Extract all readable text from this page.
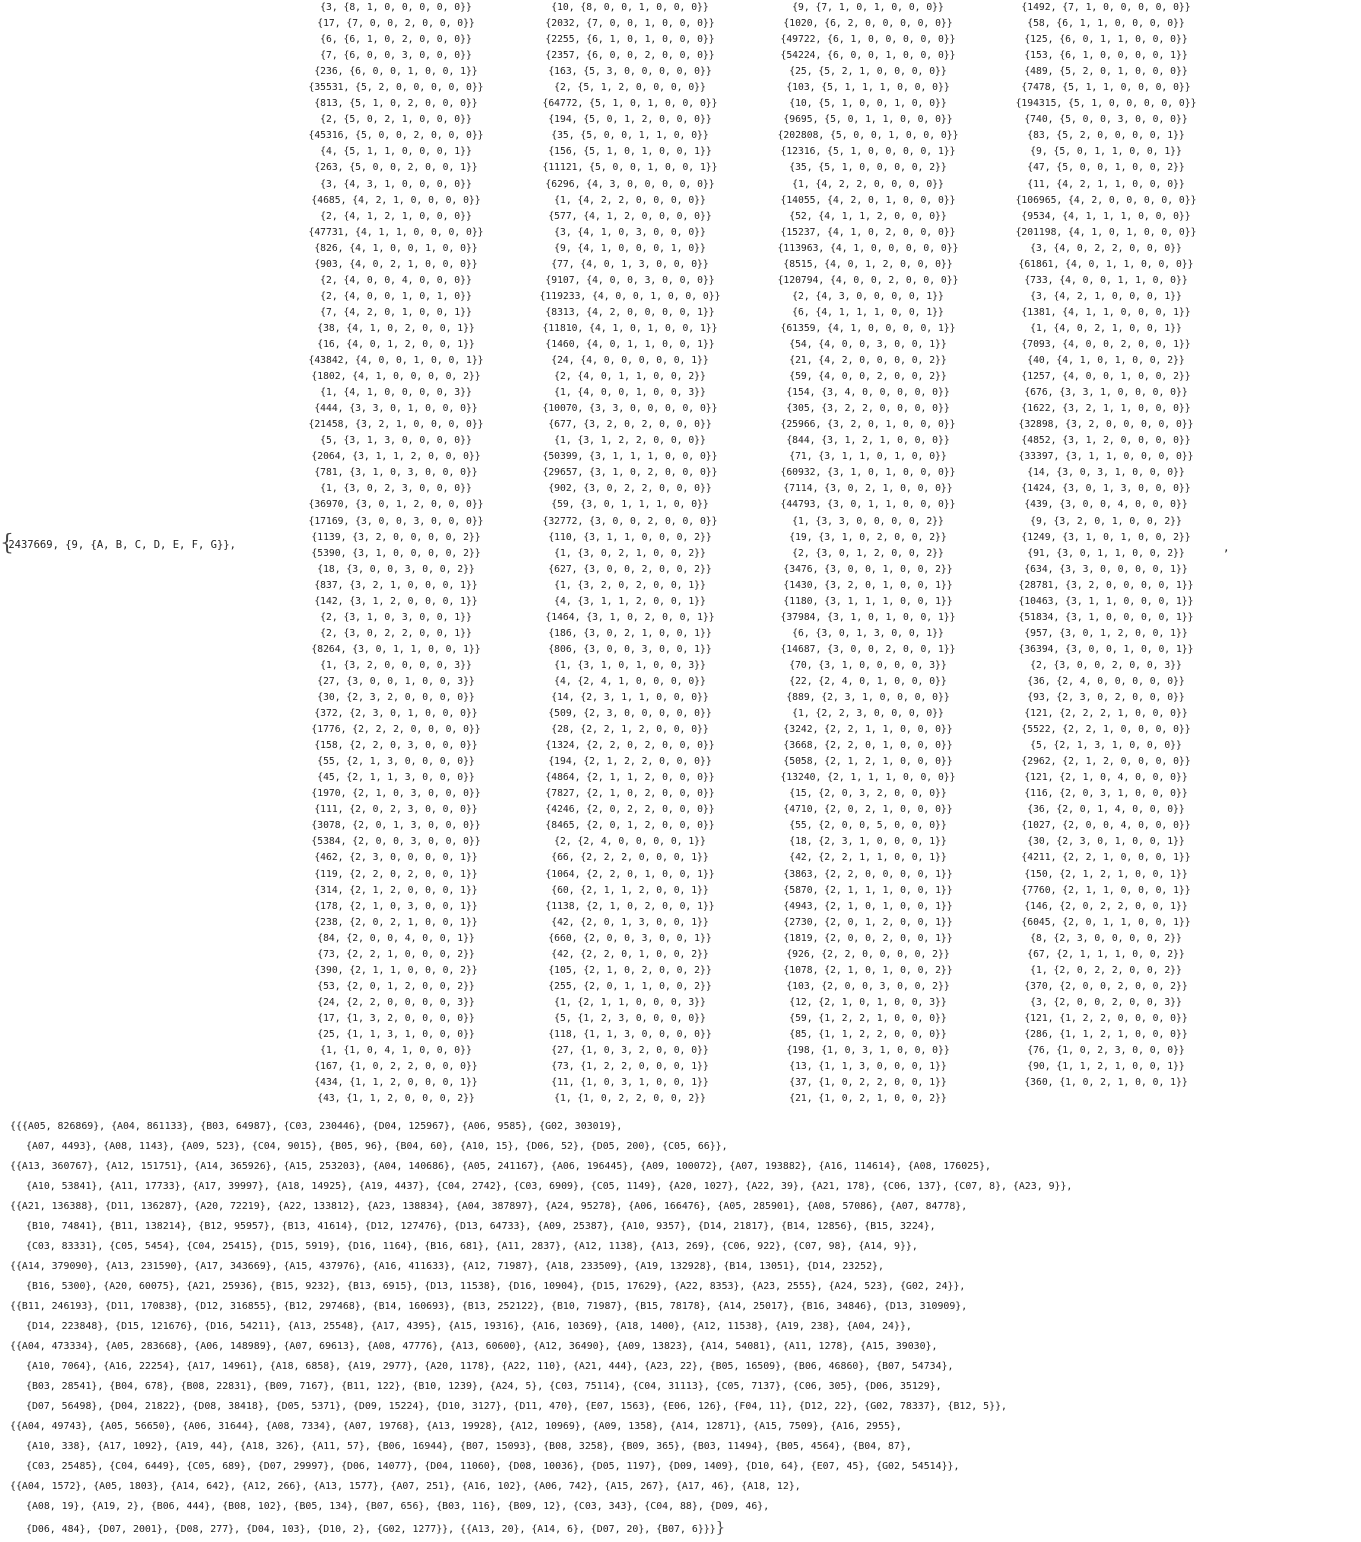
{
2437669, {9, {A, B, C, D, E, F, G}},
{3, {8, 1, 0, 0, 0, 0, 0}}
{17, {7, 0, 0, 2, 0, 0, 0}}
{6, {6, 1, 0, 2, 0, 0, 0}}
{7, {6, 0, 0, 3, 0, 0, 0}}
{236, {6, 0, 0, 1, 0, 0, 1}}
{35531, {5, 2, 0, 0, 0, 0, 0}}
{813, {5, 1, 0, 2, 0, 0, 0}}
{2, {5, 0, 2, 1, 0, 0, 0}}
{45316, {5, 0, 0, 2, 0, 0, 0}}
{4, {5, 1, 1, 0, 0, 0, 1}}
{263, {5, 0, 0, 2, 0, 0, 1}}
{3, {4, 3, 1, 0, 0, 0, 0}}
{4685, {4, 2, 1, 0, 0, 0, 0}}
{2, {4, 1, 2, 1, 0, 0, 0}}
{47731, {4, 1, 1, 0, 0, 0, 0}}
{826, {4, 1, 0, 0, 1, 0, 0}}
{903, {4, 0, 2, 1, 0, 0, 0}}
{2, {4, 0, 0, 4, 0, 0, 0}}
{2, {4, 0, 0, 1, 0, 1, 0}}
{7, {4, 2, 0, 1, 0, 0, 1}}
{38, {4, 1, 0, 2, 0, 0, 1}}
{16, {4, 0, 1, 2, 0, 0, 1}}
{43842, {4, 0, 0, 1, 0, 0, 1}}
{1802, {4, 1, 0, 0, 0, 0, 2}}
{1, {4, 1, 0, 0, 0, 0, 3}}
{444, {3, 3, 0, 1, 0, 0, 0}}
{21458, {3, 2, 1, 0, 0, 0, 0}}
{5, {3, 1, 3, 0, 0, 0, 0}}
{2064, {3, 1, 1, 2, 0, 0, 0}}
{781, {3, 1, 0, 3, 0, 0, 0}}
{1, {3, 0, 2, 3, 0, 0, 0}}
{36970, {3, 0, 1, 2, 0, 0, 0}}
{17169, {3, 0, 0, 3, 0, 0, 0}}
{1139, {3, 2, 0, 0, 0, 0, 2}}
{5390, {3, 1, 0, 0, 0, 0, 2}}
{18, {3, 0, 0, 3, 0, 0, 2}}
{837, {3, 2, 1, 0, 0, 0, 1}}
{142, {3, 1, 2, 0, 0, 0, 1}}
{2, {3, 1, 0, 3, 0, 0, 1}}
{2, {3, 0, 2, 2, 0, 0, 1}}
{8264, {3, 0, 1, 1, 0, 0, 1}}
{1, {3, 2, 0, 0, 0, 0, 3}}
{27, {3, 0, 0, 1, 0, 0, 3}}
{30, {2, 3, 2, 0, 0, 0, 0}}
{372, {2, 3, 0, 1, 0, 0, 0}}
{1776, {2, 2, 2, 0, 0, 0, 0}}
{158, {2, 2, 0, 3, 0, 0, 0}}
{55, {2, 1, 3, 0, 0, 0, 0}}
{45, {2, 1, 1, 3, 0, 0, 0}}
{1970, {2, 1, 0, 3, 0, 0, 0}}
{111, {2, 0, 2, 3, 0, 0, 0}}
{3078, {2, 0, 1, 3, 0, 0, 0}}
{5384, {2, 0, 0, 3, 0, 0, 0}}
{462, {2, 3, 0, 0, 0, 0, 1}}
{119, {2, 2, 0, 2, 0, 0, 1}}
{314, {2, 1, 2, 0, 0, 0, 1}}
{178, {2, 1, 0, 3, 0, 0, 1}}
{238, {2, 0, 2, 1, 0, 0, 1}}
{84, {2, 0, 0, 4, 0, 0, 1}}
{73, {2, 2, 1, 0, 0, 0, 2}}
{390, {2, 1, 1, 0, 0, 0, 2}}
{53, {2, 0, 1, 2, 0, 0, 2}}
{24, {2, 2, 0, 0, 0, 0, 3}}
{17, {1, 3, 2, 0, 0, 0, 0}}
{25, {1, 1, 3, 1, 0, 0, 0}}
{1, {1, 0, 4, 1, 0, 0, 0}}
{167, {1, 0, 2, 2, 0, 0, 0}}
{434, {1, 1, 2, 0, 0, 0, 1}}
{43, {1, 1, 2, 0, 0, 0, 2}}
{10, {8, 0, 0, 1, 0, 0, 0}}
{2032, {7, 0, 0, 1, 0, 0, 0}}
{2255, {6, 1, 0, 1, 0, 0, 0}}
{2357, {6, 0, 0, 2, 0, 0, 0}}
{163, {5, 3, 0, 0, 0, 0, 0}}
{2, {5, 1, 2, 0, 0, 0, 0}}
{64772, {5, 1, 0, 1, 0, 0, 0}}
{194, {5, 0, 1, 2, 0, 0, 0}}
{35, {5, 0, 0, 1, 1, 0, 0}}
{156, {5, 1, 0, 1, 0, 0, 1}}
{11121, {5, 0, 0, 1, 0, 0, 1}}
{6296, {4, 3, 0, 0, 0, 0, 0}}
{1, {4, 2, 2, 0, 0, 0, 0}}
{577, {4, 1, 2, 0, 0, 0, 0}}
{3, {4, 1, 0, 3, 0, 0, 0}}
{9, {4, 1, 0, 0, 0, 1, 0}}
{77, {4, 0, 1, 3, 0, 0, 0}}
{9107, {4, 0, 0, 3, 0, 0, 0}}
{119233, {4, 0, 0, 1, 0, 0, 0}}
{8313, {4, 2, 0, 0, 0, 0, 1}}
{11810, {4, 1, 0, 1, 0, 0, 1}}
{1460, {4, 0, 1, 1, 0, 0, 1}}
{24, {4, 0, 0, 0, 0, 0, 1}}
{2, {4, 0, 1, 1, 0, 0, 2}}
{1, {4, 0, 0, 1, 0, 0, 3}}
{10070, {3, 3, 0, 0, 0, 0, 0}}
{677, {3, 2, 0, 2, 0, 0, 0}}
{1, {3, 1, 2, 2, 0, 0, 0}}
{50399, {3, 1, 1, 1, 0, 0, 0}}
{29657, {3, 1, 0, 2, 0, 0, 0}}
{902, {3, 0, 2, 2, 0, 0, 0}}
{59, {3, 0, 1, 1, 1, 0, 0}}
{32772, {3, 0, 0, 2, 0, 0, 0}}
{110, {3, 1, 1, 0, 0, 0, 2}}
{1, {3, 0, 2, 1, 0, 0, 2}}
{627, {3, 0, 0, 2, 0, 0, 2}}
{1, {3, 2, 0, 2, 0, 0, 1}}
{4, {3, 1, 1, 2, 0, 0, 1}}
{1464, {3, 1, 0, 2, 0, 0, 1}}
{186, {3, 0, 2, 1, 0, 0, 1}}
{806, {3, 0, 0, 3, 0, 0, 1}}
{1, {3, 1, 0, 1, 0, 0, 3}}
{4, {2, 4, 1, 0, 0, 0, 0}}
{14, {2, 3, 1, 1, 0, 0, 0}}
{509, {2, 3, 0, 0, 0, 0, 0}}
{28, {2, 2, 1, 2, 0, 0, 0}}
{1324, {2, 2, 0, 2, 0, 0, 0}}
{194, {2, 1, 2, 2, 0, 0, 0}}
{4864, {2, 1, 1, 2, 0, 0, 0}}
{7827, {2, 1, 0, 2, 0, 0, 0}}
{4246, {2, 0, 2, 2, 0, 0, 0}}
{8465, {2, 0, 1, 2, 0, 0, 0}}
{2, {2, 4, 0, 0, 0, 0, 1}}
{66, {2, 2, 2, 0, 0, 0, 1}}
{1064, {2, 2, 0, 1, 0, 0, 1}}
{60, {2, 1, 1, 2, 0, 0, 1}}
{1138, {2, 1, 0, 2, 0, 0, 1}}
{42, {2, 0, 1, 3, 0, 0, 1}}
{660, {2, 0, 0, 3, 0, 0, 1}}
{42, {2, 2, 0, 1, 0, 0, 2}}
{105, {2, 1, 0, 2, 0, 0, 2}}
{255, {2, 0, 1, 1, 0, 0, 2}}
{1, {2, 1, 1, 0, 0, 0, 3}}
{5, {1, 2, 3, 0, 0, 0, 0}}
{118, {1, 1, 3, 0, 0, 0, 0}}
{27, {1, 0, 3, 2, 0, 0, 0}}
{73, {1, 2, 2, 0, 0, 0, 1}}
{11, {1, 0, 3, 1, 0, 0, 1}}
{1, {1, 0, 2, 2, 0, 0, 2}}
{9, {7, 1, 0, 1, 0, 0, 0}}
{1020, {6, 2, 0, 0, 0, 0, 0}}
{49722, {6, 1, 0, 0, 0, 0, 0}}
{54224, {6, 0, 0, 1, 0, 0, 0}}
{25, {5, 2, 1, 0, 0, 0, 0}}
{103, {5, 1, 1, 1, 0, 0, 0}}
{10, {5, 1, 0, 0, 1, 0, 0}}
{9695, {5, 0, 1, 1, 0, 0, 0}}
{202808, {5, 0, 0, 1, 0, 0, 0}}
{12316, {5, 1, 0, 0, 0, 0, 1}}
{35, {5, 1, 0, 0, 0, 0, 2}}
{1, {4, 2, 2, 0, 0, 0, 0}}
{14055, {4, 2, 0, 1, 0, 0, 0}}
{52, {4, 1, 1, 2, 0, 0, 0}}
{15237, {4, 1, 0, 2, 0, 0, 0}}
{113963, {4, 1, 0, 0, 0, 0, 0}}
{8515, {4, 0, 1, 2, 0, 0, 0}}
{120794, {4, 0, 0, 2, 0, 0, 0}}
{2, {4, 3, 0, 0, 0, 0, 1}}
{6, {4, 1, 1, 1, 0, 0, 1}}
{61359, {4, 1, 0, 0, 0, 0, 1}}
{54, {4, 0, 0, 3, 0, 0, 1}}
{21, {4, 2, 0, 0, 0, 0, 2}}
{59, {4, 0, 0, 2, 0, 0, 2}}
{154, {3, 4, 0, 0, 0, 0, 0}}
{305, {3, 2, 2, 0, 0, 0, 0}}
{25966, {3, 2, 0, 1, 0, 0, 0}}
{844, {3, 1, 2, 1, 0, 0, 0}}
{71, {3, 1, 1, 0, 1, 0, 0}}
{60932, {3, 1, 0, 1, 0, 0, 0}}
{7114, {3, 0, 2, 1, 0, 0, 0}}
{44793, {3, 0, 1, 1, 0, 0, 0}}
{1, {3, 3, 0, 0, 0, 0, 2}}
{19, {3, 1, 0, 2, 0, 0, 2}}
{2, {3, 0, 1, 2, 0, 0, 2}}
{3476, {3, 0, 0, 1, 0, 0, 2}}
{1430, {3, 2, 0, 1, 0, 0, 1}}
{1180, {3, 1, 1, 1, 0, 0, 1}}
{37984, {3, 1, 0, 1, 0, 0, 1}}
{6, {3, 0, 1, 3, 0, 0, 1}}
{14687, {3, 0, 0, 2, 0, 0, 1}}
{70, {3, 1, 0, 0, 0, 0, 3}}
{22, {2, 4, 0, 1, 0, 0, 0}}
{889, {2, 3, 1, 0, 0, 0, 0}}
{1, {2, 2, 3, 0, 0, 0, 0}}
{3242, {2, 2, 1, 1, 0, 0, 0}}
{3668, {2, 2, 0, 1, 0, 0, 0}}
{5058, {2, 1, 2, 1, 0, 0, 0}}
{13240, {2, 1, 1, 1, 0, 0, 0}}
{15, {2, 0, 3, 2, 0, 0, 0}}
{4710, {2, 0, 2, 1, 0, 0, 0}}
{55, {2, 0, 0, 5, 0, 0, 0}}
{18, {2, 3, 1, 0, 0, 0, 1}}
{42, {2, 2, 1, 1, 0, 0, 1}}
{3863, {2, 2, 0, 0, 0, 0, 1}}
{5870, {2, 1, 1, 1, 0, 0, 1}}
{4943, {2, 1, 0, 1, 0, 0, 1}}
{2730, {2, 0, 1, 2, 0, 0, 1}}
{1819, {2, 0, 0, 2, 0, 0, 1}}
{926, {2, 2, 0, 0, 0, 0, 2}}
{1078, {2, 1, 0, 1, 0, 0, 2}}
{103, {2, 0, 0, 3, 0, 0, 2}}
{12, {2, 1, 0, 1, 0, 0, 3}}
{59, {1, 2, 2, 1, 0, 0, 0}}
{85, {1, 1, 2, 2, 0, 0, 0}}
{198, {1, 0, 3, 1, 0, 0, 0}}
{13, {1, 1, 3, 0, 0, 0, 1}}
{37, {1, 0, 2, 2, 0, 0, 1}}
{21, {1, 0, 2, 1, 0, 0, 2}}
{1492, {7, 1, 0, 0, 0, 0, 0}}
{58, {6, 1, 1, 0, 0, 0, 0}}
{125, {6, 0, 1, 1, 0, 0, 0}}
{153, {6, 1, 0, 0, 0, 0, 1}}
{489, {5, 2, 0, 1, 0, 0, 0}}
{7478, {5, 1, 1, 0, 0, 0, 0}}
{194315, {5, 1, 0, 0, 0, 0, 0}}
{740, {5, 0, 0, 3, 0, 0, 0}}
{83, {5, 2, 0, 0, 0, 0, 1}}
{9, {5, 0, 1, 1, 0, 0, 1}}
{47, {5, 0, 0, 1, 0, 0, 2}}
{11, {4, 2, 1, 1, 0, 0, 0}}
{106965, {4, 2, 0, 0, 0, 0, 0}}
{9534, {4, 1, 1, 1, 0, 0, 0}}
{201198, {4, 1, 0, 1, 0, 0, 0}}
{3, {4, 0, 2, 2, 0, 0, 0}}
{61861, {4, 0, 1, 1, 0, 0, 0}}
{733, {4, 0, 0, 1, 1, 0, 0}}
{3, {4, 2, 1, 0, 0, 0, 1}}
{1381, {4, 1, 1, 0, 0, 0, 1}}
{1, {4, 0, 2, 1, 0, 0, 1}}
{7093, {4, 0, 0, 2, 0, 0, 1}}
{40, {4, 1, 0, 1, 0, 0, 2}}
{1257, {4, 0, 0, 1, 0, 0, 2}}
{676, {3, 3, 1, 0, 0, 0, 0}}
{1622, {3, 2, 1, 1, 0, 0, 0}}
{32898, {3, 2, 0, 0, 0, 0, 0}}
{4852, {3, 1, 2, 0, 0, 0, 0}}
{33397, {3, 1, 1, 0, 0, 0, 0}}
{14, {3, 0, 3, 1, 0, 0, 0}}
{1424, {3, 0, 1, 3, 0, 0, 0}}
{439, {3, 0, 0, 4, 0, 0, 0}}
{9, {3, 2, 0, 1, 0, 0, 2}}
{1249, {3, 1, 0, 1, 0, 0, 2}}
{91, {3, 0, 1, 1, 0, 0, 2}}
{634, {3, 3, 0, 0, 0, 0, 1}}
{28781, {3, 2, 0, 0, 0, 0, 1}}
{10463, {3, 1, 1, 0, 0, 0, 1}}
{51834, {3, 1, 0, 0, 0, 0, 1}}
{957, {3, 0, 1, 2, 0, 0, 1}}
{36394, {3, 0, 0, 1, 0, 0, 1}}
{2, {3, 0, 0, 2, 0, 0, 3}}
{36, {2, 4, 0, 0, 0, 0, 0}}
{93, {2, 3, 0, 2, 0, 0, 0}}
{121, {2, 2, 2, 1, 0, 0, 0}}
{5522, {2, 2, 1, 0, 0, 0, 0}}
{5, {2, 1, 3, 1, 0, 0, 0}}
{2962, {2, 1, 2, 0, 0, 0, 0}}
{121, {2, 1, 0, 4, 0, 0, 0}}
{116, {2, 0, 3, 1, 0, 0, 0}}
{36, {2, 0, 1, 4, 0, 0, 0}}
{1027, {2, 0, 0, 4, 0, 0, 0}}
{30, {2, 3, 0, 1, 0, 0, 1}}
{4211, {2, 2, 1, 0, 0, 0, 1}}
{150, {2, 1, 2, 1, 0, 0, 1}}
{7760, {2, 1, 1, 0, 0, 0, 1}}
{146, {2, 0, 2, 2, 0, 0, 1}}
{6045, {2, 0, 1, 1, 0, 0, 1}}
{8, {2, 3, 0, 0, 0, 0, 2}}
{67, {2, 1, 1, 1, 0, 0, 2}}
{1, {2, 0, 2, 2, 0, 0, 2}}
{370, {2, 0, 0, 2, 0, 0, 2}}
{3, {2, 0, 0, 2, 0, 0, 3}}
{121, {1, 2, 2, 0, 0, 0, 0}}
{286, {1, 1, 2, 1, 0, 0, 0}}
{76, {1, 0, 2, 3, 0, 0, 0}}
{90, {1, 1, 2, 1, 0, 0, 1}}
{360, {1, 0, 2, 1, 0, 0, 1}}
,
{{{A05, 826869}, {A04, 861133}, {B03, 64987}, {C03, 230446}, {D04, 125967}, {A06, 9585}, {G02, 303019},
{A07, 4493}, {A08, 1143}, {A09, 523}, {C04, 9015}, {B05, 96}, {B04, 60}, {A10, 15}, {D06, 52}, {D05, 200}, {C05, 66}},
{{A13, 360767}, {A12, 151751}, {A14, 365926}, {A15, 253203}, {A04, 140686}, {A05, 241167}, {A06, 196445}, {A09, 100072}, {A07, 193882}, {A16, 114614}, {A08, 176025},
{A10, 53841}, {A11, 17733}, {A17, 39997}, {A18, 14925}, {A19, 4437}, {C04, 2742}, {C03, 6909}, {C05, 1149}, {A20, 1027}, {A22, 39}, {A21, 178}, {C06, 137}, {C07, 8}, {A23, 9}},
{{A21, 136388}, {D11, 136287}, {A20, 72219}, {A22, 133812}, {A23, 138834}, {A04, 387897}, {A24, 95278}, {A06, 166476}, {A05, 285901}, {A08, 57086}, {A07, 84778},
{B10, 74841}, {B11, 138214}, {B12, 95957}, {B13, 41614}, {D12, 127476}, {D13, 64733}, {A09, 25387}, {A10, 9357}, {D14, 21817}, {B14, 12856}, {B15, 3224},
{C03, 83331}, {C05, 5454}, {C04, 25415}, {D15, 5919}, {D16, 1164}, {B16, 681}, {A11, 2837}, {A12, 1138}, {A13, 269}, {C06, 922}, {C07, 98}, {A14, 9}},
{{A14, 379090}, {A13, 231590}, {A17, 343669}, {A15, 437976}, {A16, 411633}, {A12, 71987}, {A18, 233509}, {A19, 132928}, {B14, 13051}, {D14, 23252},
{B16, 5300}, {A20, 60075}, {A21, 25936}, {B15, 9232}, {B13, 6915}, {D13, 11538}, {D16, 10904}, {D15, 17629}, {A22, 8353}, {A23, 2555}, {A24, 523}, {G02, 24}},
{{B11, 246193}, {D11, 170838}, {D12, 316855}, {B12, 297468}, {B14, 160693}, {B13, 252122}, {B10, 71987}, {B15, 78178}, {A14, 25017}, {B16, 34846}, {D13, 310909},
{D14, 223848}, {D15, 121676}, {D16, 54211}, {A13, 25548}, {A17, 4395}, {A15, 19316}, {A16, 10369}, {A18, 1400}, {A12, 11538}, {A19, 238}, {A04, 24}},
{{A04, 473334}, {A05, 283668}, {A06, 148989}, {A07, 69613}, {A08, 47776}, {A13, 60600}, {A12, 36490}, {A09, 13823}, {A14, 54081}, {A11, 1278}, {A15, 39030},
{A10, 7064}, {A16, 22254}, {A17, 14961}, {A18, 6858}, {A19, 2977}, {A20, 1178}, {A22, 110}, {A21, 444}, {A23, 22}, {B05, 16509}, {B06, 46860}, {B07, 54734},
{B03, 28541}, {B04, 678}, {B08, 22831}, {B09, 7167}, {B11, 122}, {B10, 1239}, {A24, 5}, {C03, 75114}, {C04, 31113}, {C05, 7137}, {C06, 305}, {D06, 35129},
{D07, 56498}, {D04, 21822}, {D08, 38418}, {D05, 5371}, {D09, 15224}, {D10, 3127}, {D11, 470}, {E07, 1563}, {E06, 126}, {F04, 11}, {D12, 22}, {G02, 78337}, {B12, 5}},
{{A04, 49743}, {A05, 56650}, {A06, 31644}, {A08, 7334}, {A07, 19768}, {A13, 19928}, {A12, 10969}, {A09, 1358}, {A14, 12871}, {A15, 7509}, {A16, 2955},
{A10, 338}, {A17, 1092}, {A19, 44}, {A18, 326}, {A11, 57}, {B06, 16944}, {B07, 15093}, {B08, 3258}, {B09, 365}, {B03, 11494}, {B05, 4564}, {B04, 87},
{C03, 25485}, {C04, 6449}, {C05, 689}, {D07, 29997}, {D06, 14077}, {D04, 11060}, {D08, 10036}, {D05, 1197}, {D09, 1409}, {D10, 64}, {E07, 45}, {G02, 54514}},
{{A04, 1572}, {A05, 1803}, {A14, 642}, {A12, 266}, {A13, 1577}, {A07, 251}, {A16, 102}, {A06, 742}, {A15, 267}, {A17, 46}, {A18, 12},
{A08, 19}, {A19, 2}, {B06, 444}, {B08, 102}, {B05, 134}, {B07, 656}, {B03, 116}, {B09, 12}, {C03, 343}, {C04, 88}, {D09, 46},
{D06, 484}, {D07, 2001}, {D08, 277}, {D04, 103}, {D10, 2}, {G02, 1277}}, {{A13, 20}, {A14, 6}, {D07, 20}, {B07, 6}}}}
